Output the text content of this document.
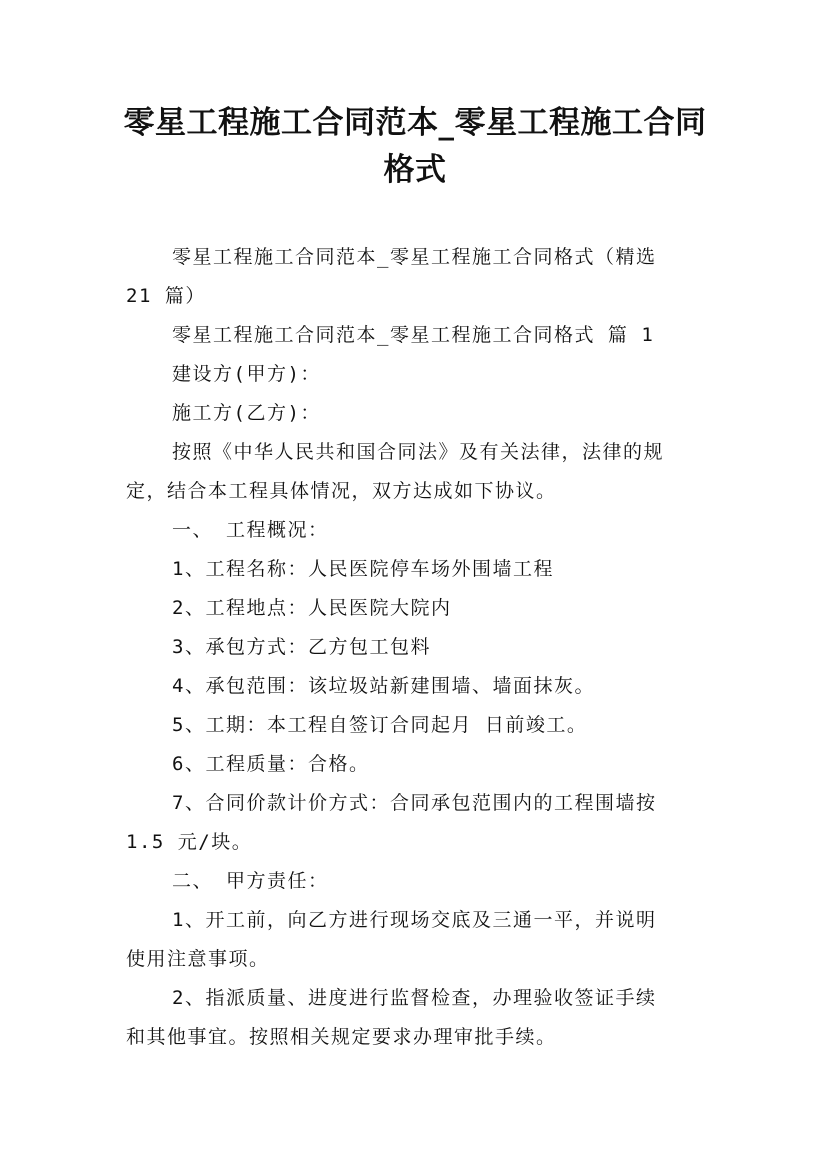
零星工程施工合同范本_零星工程施工合同
格式
零星工程施工合同范本_零星工程施工合同格式（精选
21 篇）
零星工程施工合同范本_零星工程施工合同格式 篇 1
建设方(甲方)：
施工方(乙方)：
按照《中华人民共和国合同法》及有关法律，法律的规
定，结合本工程具体情况，双方达成如下协议。
一、 工程概况：
1、工程名称：人民医院停车场外围墙工程
2、工程地点：人民医院大院内
3、承包方式：乙方包工包料
4、承包范围：该垃圾站新建围墙、墙面抹灰。
5、工期：本工程自签订合同起月 日前竣工。
6、工程质量：合格。
7、合同价款计价方式：合同承包范围内的工程围墙按
1.5 元/块。
二、 甲方责任：
1、开工前，向乙方进行现场交底及三通一平，并说明
使用注意事项。
2、指派质量、进度进行监督检查，办理验收签证手续
和其他事宜。按照相关规定要求办理审批手续。
